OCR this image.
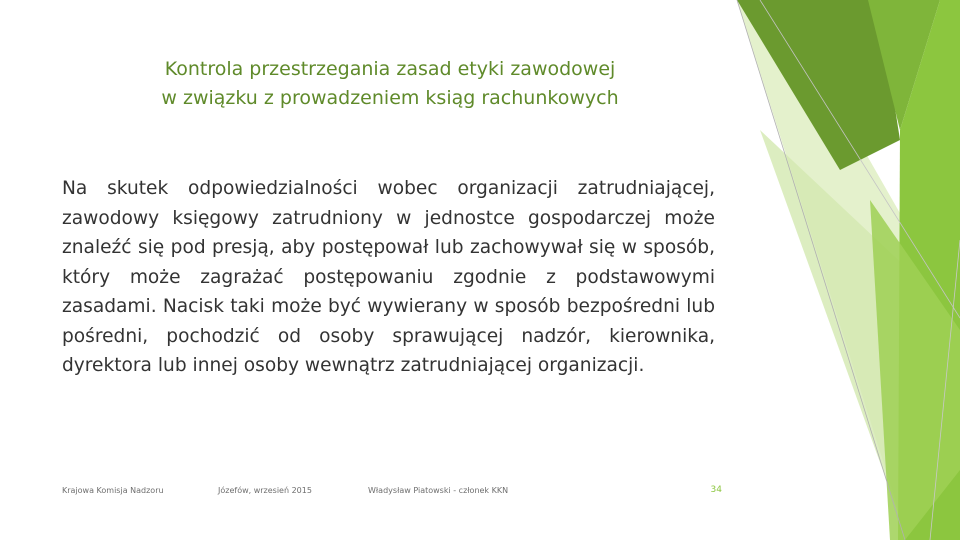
Kontrola przestrzegania zasad etyki zawodowej
w związku z prowadzeniem ksiąg rachunkowych
Na skutek odpowiedzialności wobec organizacji zatrudniającej, zawodowy księgowy zatrudniony w jednostce gospodarczej może znaleźć się pod presją, aby postępował lub zachowywał się w sposób, który może zagrażać postępowaniu zgodnie z podstawowymi zasadami. Nacisk taki może być wywierany w sposób bezpośredni lub pośredni, pochodzić od osoby sprawującej nadzór, kierownika, dyrektora lub innej osoby wewnątrz zatrudniającej organizacji.
Krajowa Komisja Nadzoru	Józefów, wrzesień 2015	Władysław Piatowski - członek KKN	34
